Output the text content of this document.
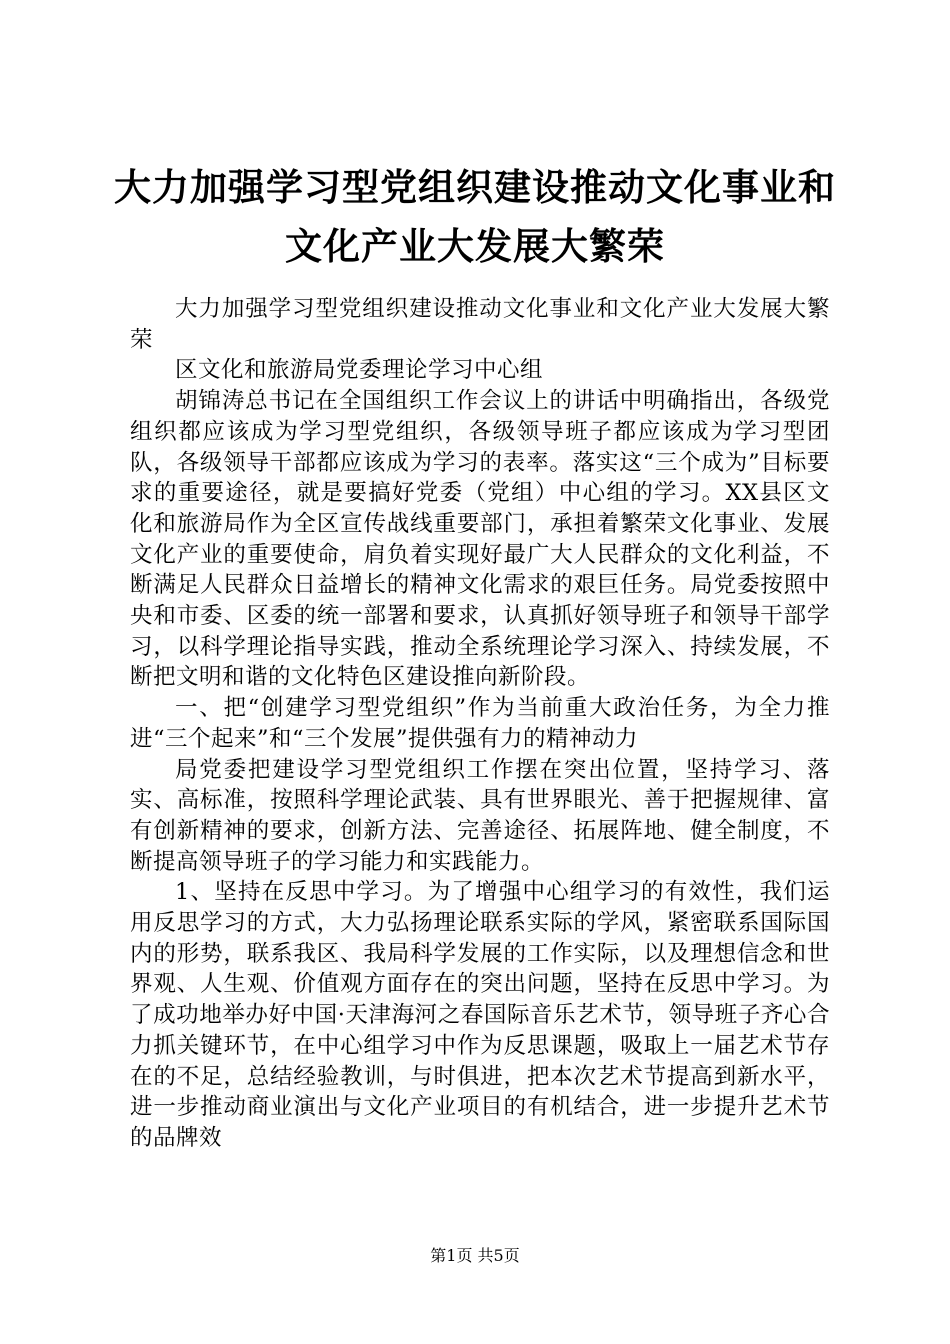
大力加强学习型党组织建设推动文化事业和文化产业大发展大繁荣

大力加强学习型党组织建设推动文化事业和文化产业大发展大繁荣

区文化和旅游局党委理论学习中心组

胡锦涛总书记在全国组织工作会议上的讲话中明确指出，各级党组织都应该成为学习型党组织，各级领导班子都应该成为学习型团队，各级领导干部都应该成为学习的表率。落实这“三个成为”目标要求的重要途径，就是要搞好党委（党组）中心组的学习。XX县区文化和旅游局作为全区宣传战线重要部门，承担着繁荣文化事业、发展文化产业的重要使命，肩负着实现好最广大人民群众的文化利益，不断满足人民群众日益增长的精神文化需求的艰巨任务。局党委按照中央和市委、区委的统一部署和要求，认真抓好领导班子和领导干部学习，以科学理论指导实践，推动全系统理论学习深入、持续发展，不断把文明和谐的文化特色区建设推向新阶段。

一、把“创建学习型党组织”作为当前重大政治任务，为全力推进“三个起来”和“三个发展”提供强有力的精神动力

局党委把建设学习型党组织工作摆在突出位置，坚持学习、落实、高标准，按照科学理论武装、具有世界眼光、善于把握规律、富有创新精神的要求，创新方法、完善途径、拓展阵地、健全制度，不断提高领导班子的学习能力和实践能力。

1、坚持在反思中学习。为了增强中心组学习的有效性，我们运用反思学习的方式，大力弘扬理论联系实际的学风，紧密联系国际国内的形势，联系我区、我局科学发展的工作实际，以及理想信念和世界观、人生观、价值观方面存在的突出问题，坚持在反思中学习。为了成功地举办好中国·天津海河之春国际音乐艺术节，领导班子齐心合力抓关键环节，在中心组学习中作为反思课题，吸取上一届艺术节存在的不足，总结经验教训，与时俱进，把本次艺术节提高到新水平，进一步推动商业演出与文化产业项目的有机结合，进一步提升艺术节的品牌效

第1页 共5页
